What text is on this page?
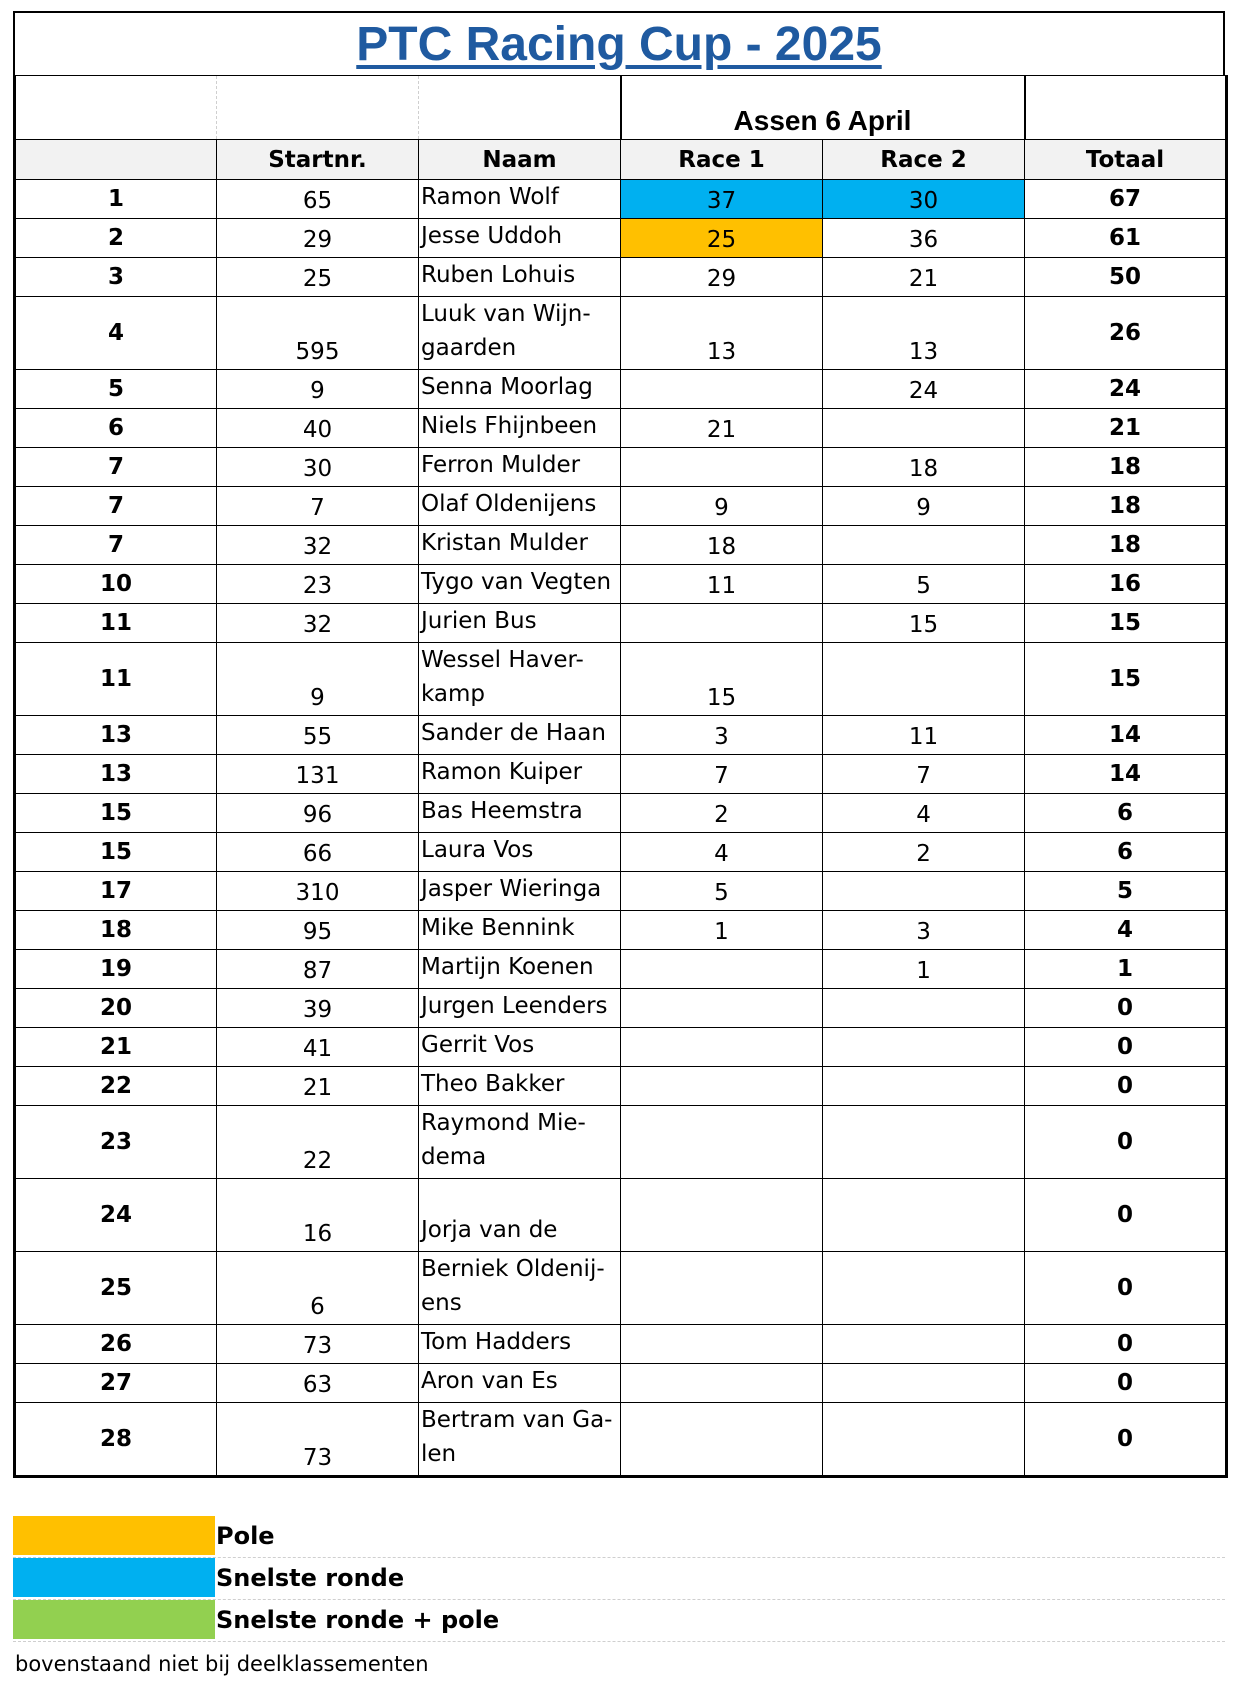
PTC Racing Cup - 2025
			Assen 6 April		
	Startnr.	Naam	Race 1	Race 2	Totaal
1	65	Ramon Wolf	37	30	67
2	29	Jesse Uddoh	25	36	61
3	25	Ruben Lohuis	29	21	50
4	595	Luuk van Wijn-
gaarden	13	13	26
5	9	Senna Moorlag		24	24
6	40	Niels Fhijnbeen	21		21
7	30	Ferron Mulder		18	18
7	7	Olaf Oldenijens	9	9	18
7	32	Kristan Mulder	18		18
10	23	Tygo van Vegten	11	5	16
11	32	Jurien Bus		15	15
11	9	Wessel Haver-
kamp	15		15
13	55	Sander de Haan	3	11	14
13	131	Ramon Kuiper	7	7	14
15	96	Bas Heemstra	2	4	6
15	66	Laura Vos	4	2	6
17	310	Jasper Wieringa	5		5
18	95	Mike Bennink	1	3	4
19	87	Martijn Koenen		1	1
20	39	Jurgen Leenders			0
21	41	Gerrit Vos			0
22	21	Theo Bakker			0
23	22	Raymond Mie-
dema			0
24	16	Jorja van de			0
25	6	Berniek Oldenij-
ens			0
26	73	Tom Hadders			0
27	63	Aron van Es			0
28	73	Bertram van Ga-
len			0
Pole
Snelste ronde
Snelste ronde + pole
bovenstaand niet bij deelklassementen
